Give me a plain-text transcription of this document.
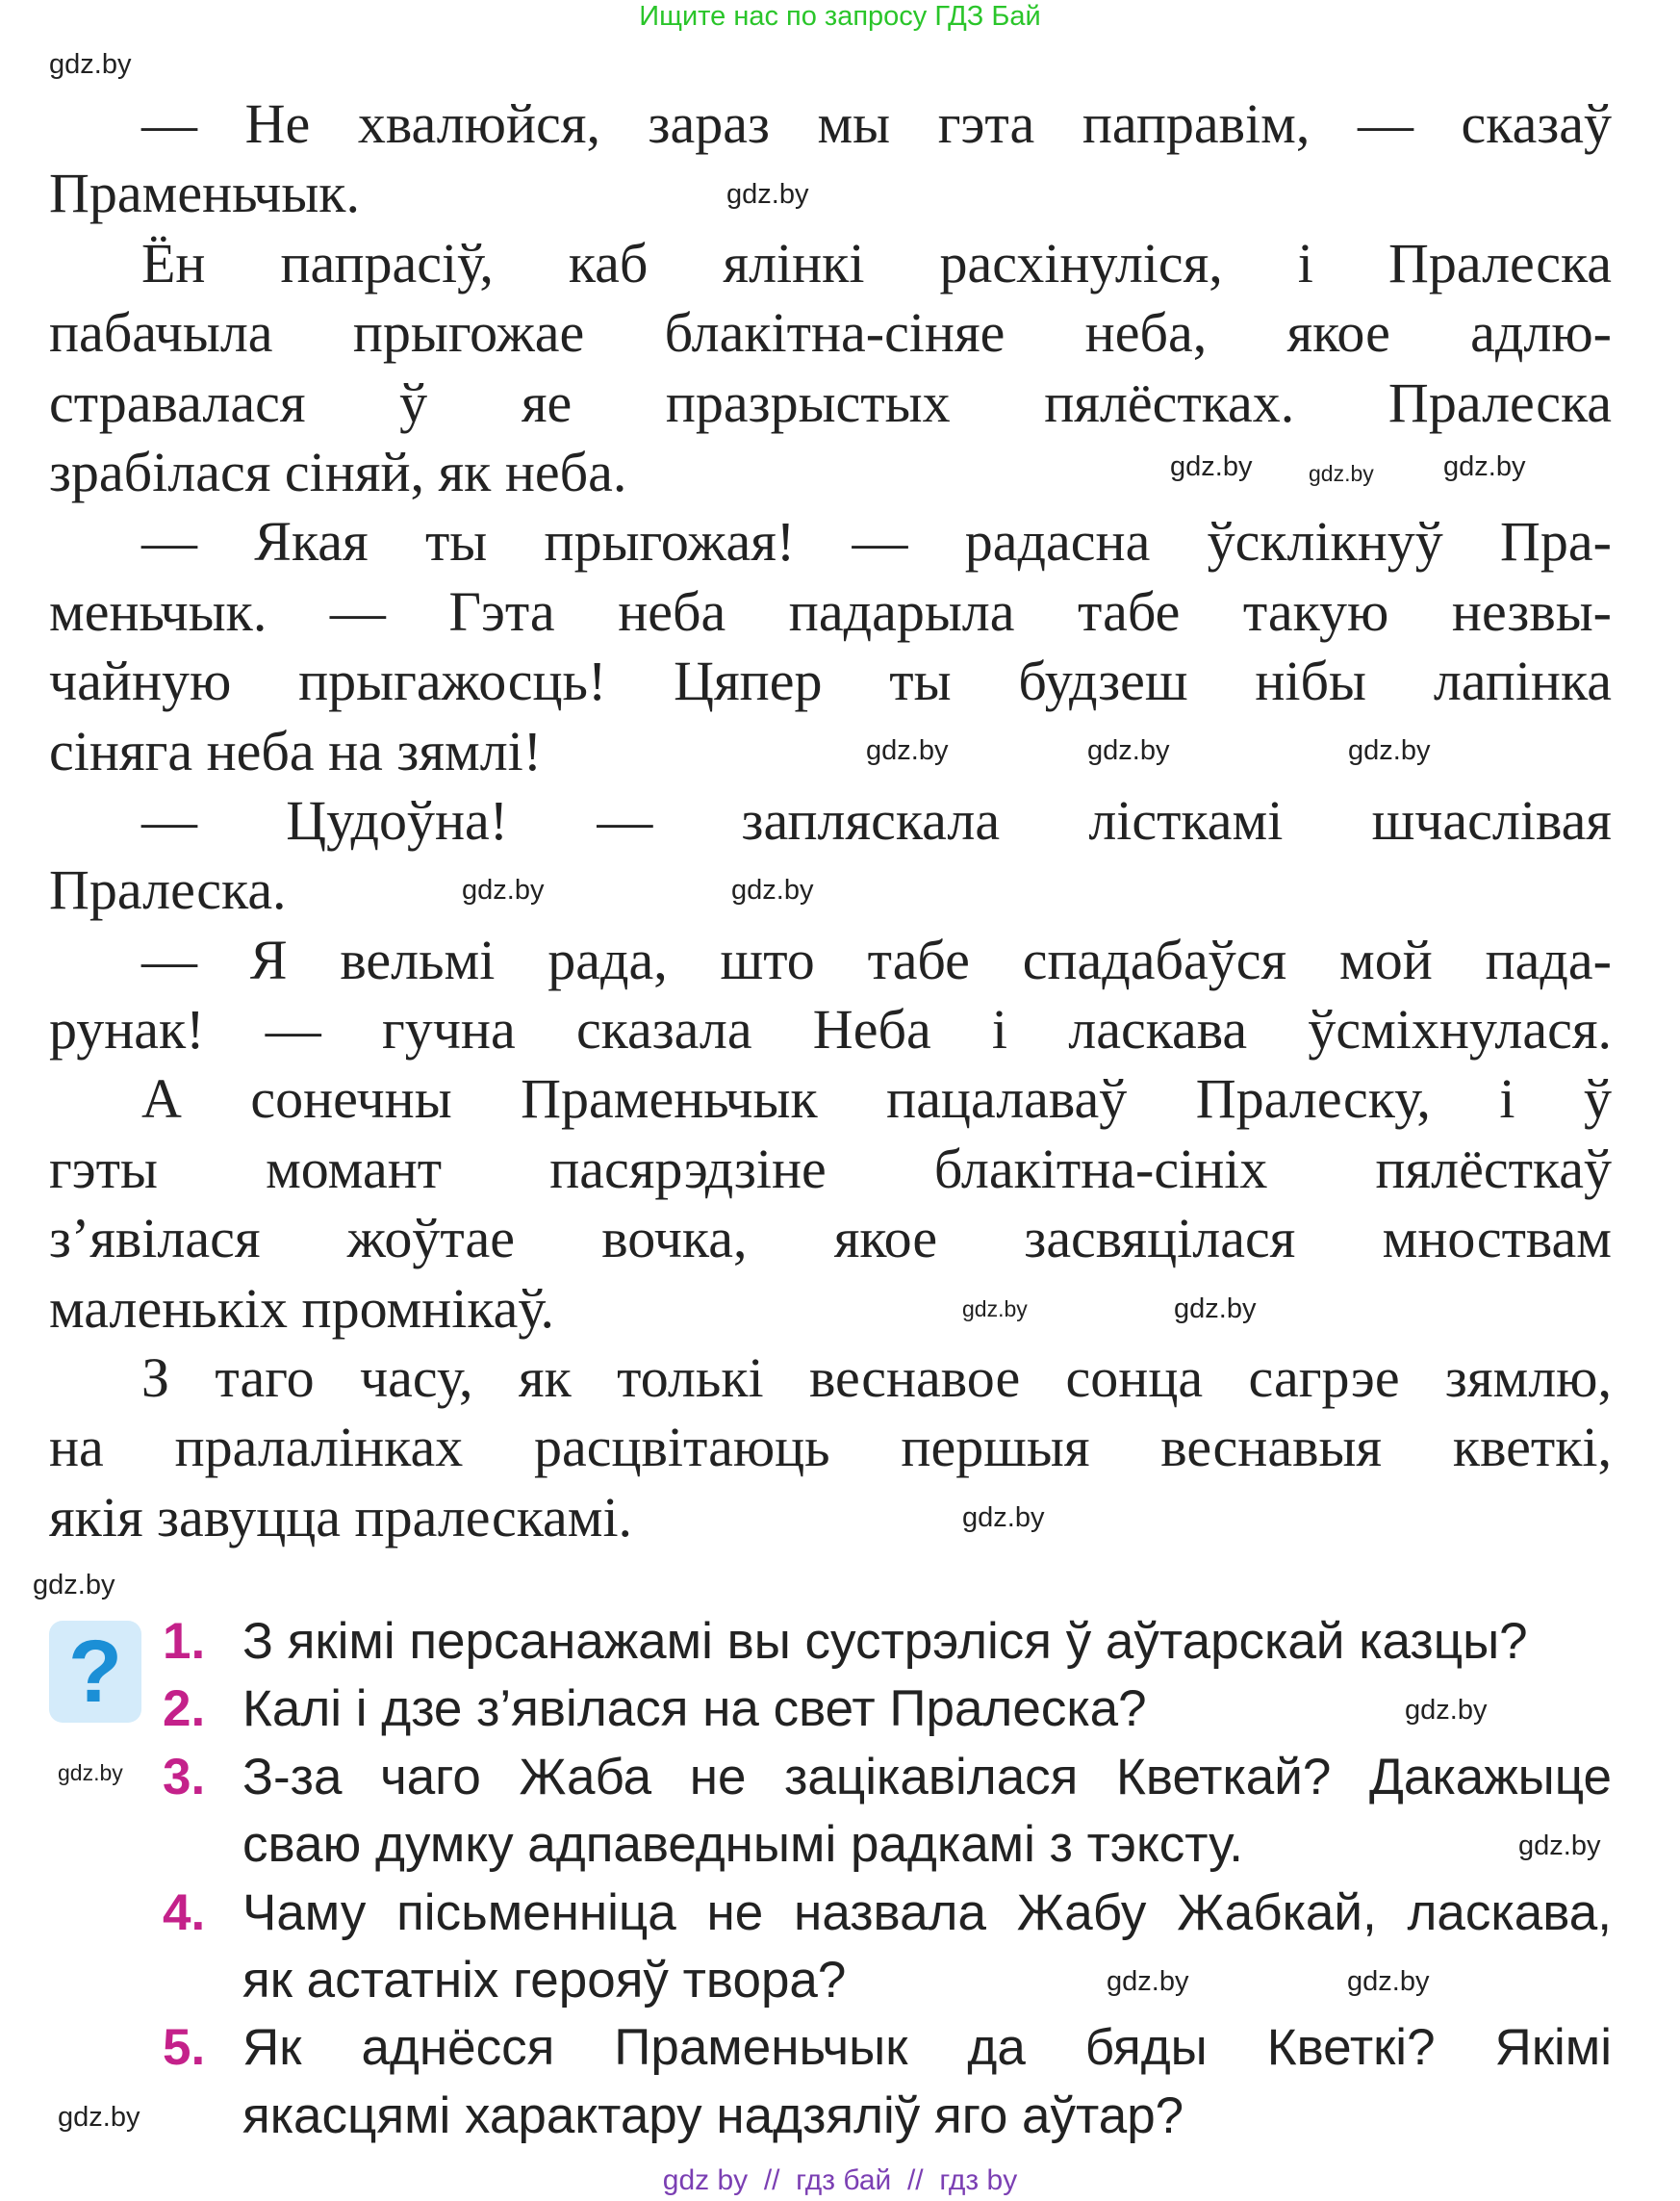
Ищите нас по запросу ГДЗ Бай
— Не хвалюйся, зараз мы гэта паправім, — сказаў
Праменьчык.
Ён папрасіў, каб ялінкі расхінуліся, і Пралеска
пабачыла прыгожае блакітна-сіняе неба, якое адлю-
стравалася ў яе празрыстых пялёстках. Пралеска
зрабілася сіняй, як неба.
— Якая ты прыгожая! — радасна ўсклікнуў Пра-
меньчык. — Гэта неба падарыла табе такую незвы-
чайную прыгажосць! Цяпер ты будзеш нібы лапінка
сіняга неба на зямлі!
— Цудоўна! — запляскала лісткамі шчаслівая
Пралеска.
— Я вельмі рада, што табе спадабаўся мой пада-
рунак! — гучна сказала Неба і ласкава ўсміхнулася.
А сонечны Праменьчык пацалаваў Пралеску, і ў
гэты момант пасярэдзіне блакітна-сініх пялёсткаў
з’явілася жоўтае вочка, якое засвяцілася мноствам
маленькіх промнікаў.
З таго часу, як толькі веснавое сонца сагрэе зямлю,
на пралалінках расцвітаюць першыя веснавыя кветкі,
якія завуцца пралескамі.
? 1. З якімі персанажамі вы сустрэліся ў аўтарскай казцы?
2. Калі і дзе з’явілася на свет Пралеска?
3. З-за чаго Жаба не зацікавілася Кветкай? Дакажыце
сваю думку адпаведнымі радкамі з тэксту.
4. Чаму пісьменніца не назвала Жабу Жабкай, ласкава,
як астатніх герояў твора?
5. Як аднёсся Праменьчык да бяды Кветкі? Якімі
якасцямі характару надзяліў яго аўтар?
gdz.by
gdz.by
gdz.by gdz.by
gdz.by
gdz.by	gdz.by	gdz.by
gdz.by	gdz.by
gdz.by	gdz.by
gdz.by
gdz.by
gdz.by
gdz.by
gdz.by
gdz.by	gdz.by
gdz.by
gdz by  //  гдз бай  //  гдз by
